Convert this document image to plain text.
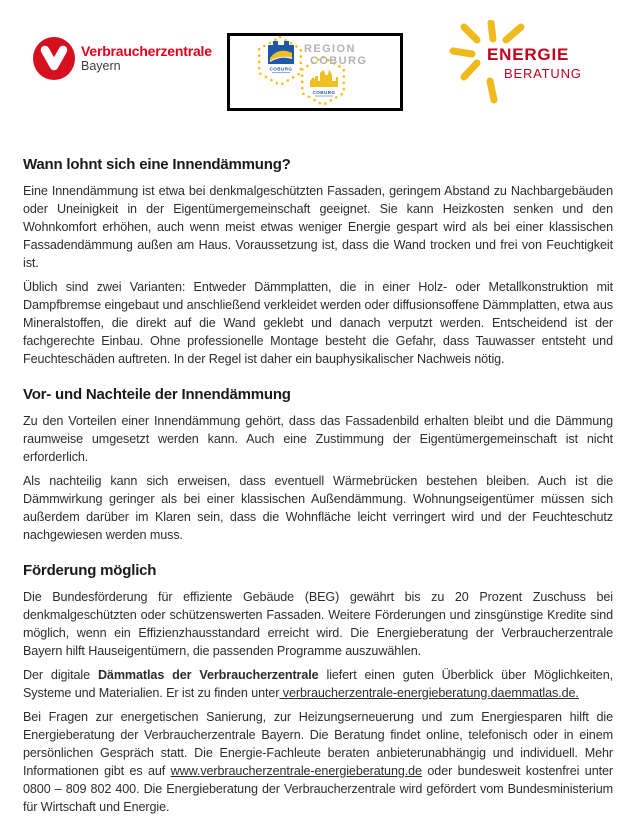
Verbraucherzentrale
Bayern	COBURG
COBURG
REGION
COBURG	ENERGIE
BERATUNG
Wann lohnt sich eine Innendämmung?

Eine Innendämmung ist etwa bei denkmalgeschützten Fassaden, geringem Abstand zu Nachbargebäuden oder Uneinigkeit in der Eigentümergemeinschaft geeignet. Sie kann Heizkosten senken und den Wohnkomfort erhöhen, auch wenn meist etwas weniger Energie gespart wird als bei einer klassischen Fassadendämmung außen am Haus. Voraussetzung ist, dass die Wand trocken und frei von Feuchtigkeit ist.

Üblich sind zwei Varianten: Entweder Dämmplatten, die in einer Holz- oder Metallkonstruktion mit Dampfbremse eingebaut und anschließend verkleidet werden oder diffusionsoffene Dämmplatten, etwa aus Mineralstoffen, die direkt auf die Wand geklebt und danach verputzt werden. Entscheidend ist der fachgerechte Einbau. Ohne professionelle Montage besteht die Gefahr, dass Tauwasser entsteht und Feuchteschäden auftreten. In der Regel ist daher ein bauphysikalischer Nachweis nötig.

Vor- und Nachteile der Innendämmung

Zu den Vorteilen einer Innendämmung gehört, dass das Fassadenbild erhalten bleibt und die Dämmung raumweise umgesetzt werden kann. Auch eine Zustimmung der Eigentümergemeinschaft ist nicht erforderlich.

Als nachteilig kann sich erweisen, dass eventuell Wärmebrücken bestehen bleiben. Auch ist die Dämmwirkung geringer als bei einer klassischen Außendämmung. Wohnungseigentümer müssen sich außerdem darüber im Klaren sein, dass die Wohnfläche leicht verringert wird und der Feuchteschutz nachgewiesen werden muss.

Förderung möglich

Die Bundesförderung für effiziente Gebäude (BEG) gewährt bis zu 20 Prozent Zuschuss bei denkmalgeschützten oder schützenswerten Fassaden. Weitere Förderungen und zinsgünstige Kredite sind möglich, wenn ein Effizienzhausstandard erreicht wird. Die Energieberatung der Verbraucherzentrale Bayern hilft Hauseigentümern, die passenden Programme auszuwählen.

Der digitale Dämmatlas der Verbraucherzentrale liefert einen guten Überblick über Möglichkeiten, Systeme und Materialien. Er ist zu finden unter verbraucherzentrale-energieberatung.daemmatlas.de.

Bei Fragen zur energetischen Sanierung, zur Heizungserneuerung und zum Energiesparen hilft die Energieberatung der Verbraucherzentrale Bayern. Die Beratung findet online, telefonisch oder in einem persönlichen Gespräch statt. Die Energie-Fachleute beraten anbieterunabhängig und individuell. Mehr Informationen gibt es auf www.verbraucherzentrale-energieberatung.de oder bundesweit kostenfrei unter 0800 – 809 802 400. Die Energieberatung der Verbraucherzentrale wird gefördert vom Bundesministerium für Wirtschaft und Energie.
